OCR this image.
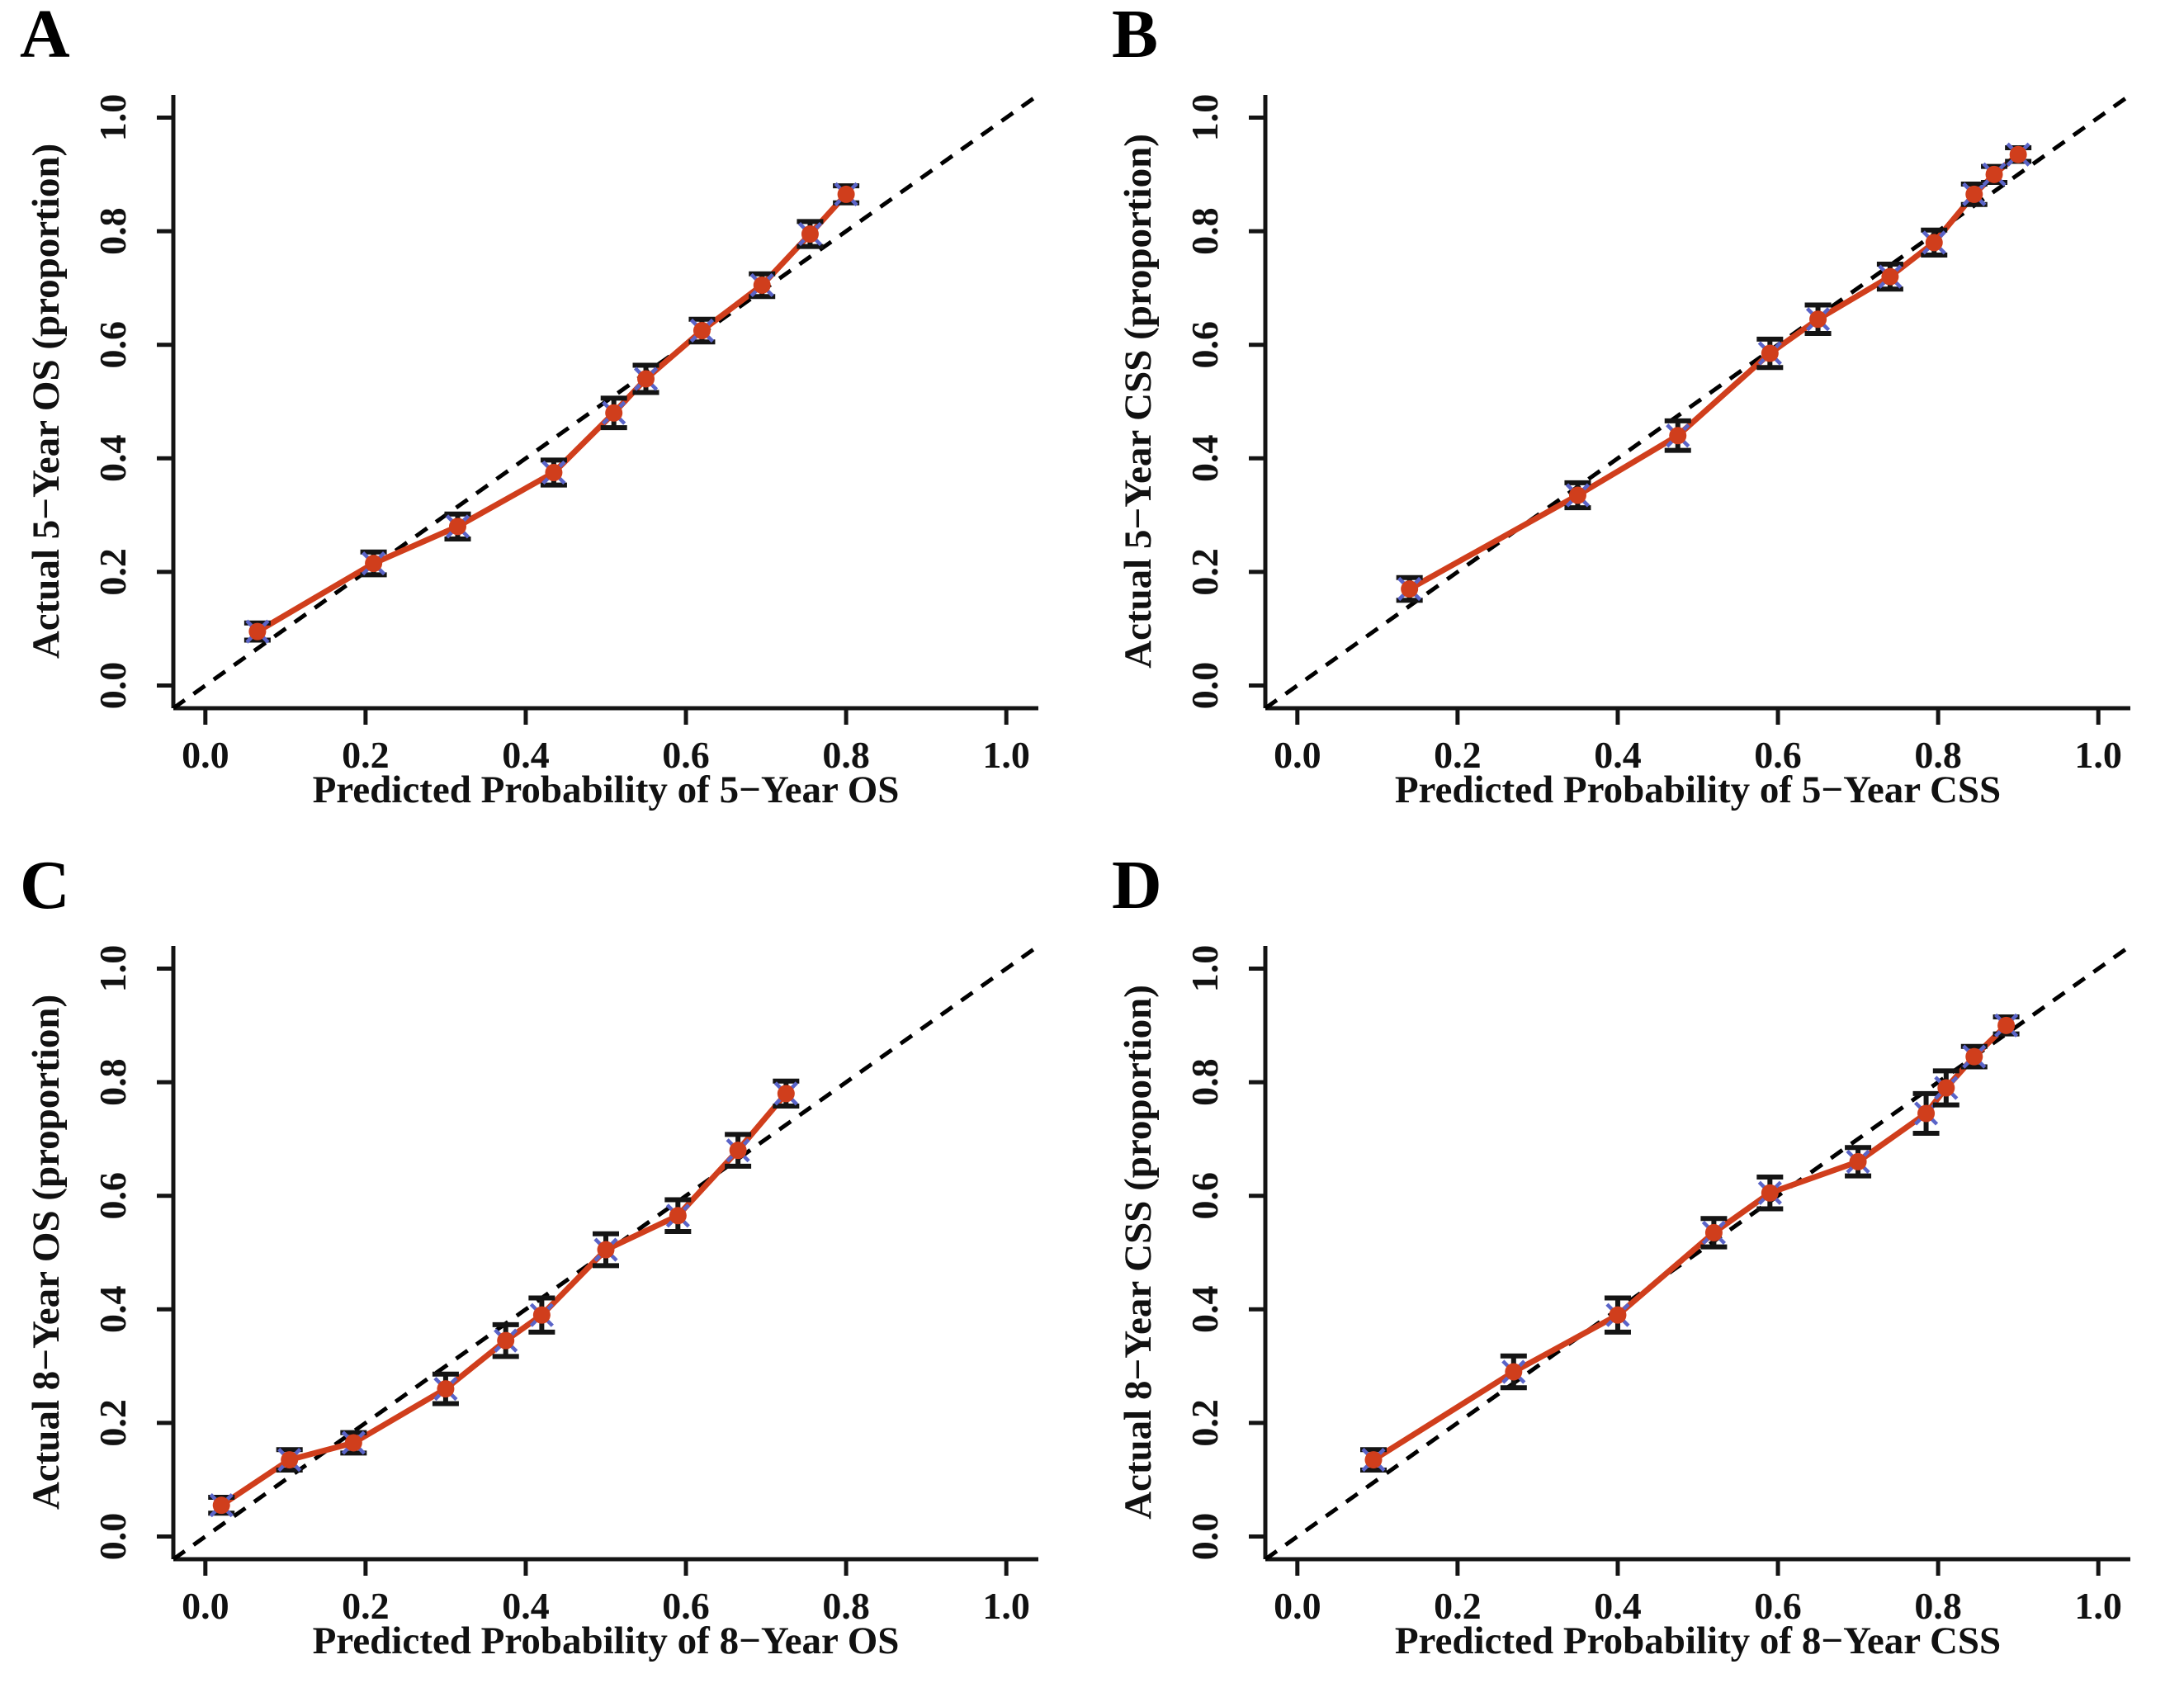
0.0
0.0
0.2
0.2
0.4
0.4
0.6
0.6
0.8
0.8
1.0
1.0
A
Actual 5−Year OS (proportion)
Predicted Probability of 5−Year OS
0.0
0.0
0.2
0.2
0.4
0.4
0.6
0.6
0.8
0.8
1.0
1.0
B
Actual 5−Year CSS (proportion)
Predicted Probability of 5−Year CSS
0.0
0.0
0.2
0.2
0.4
0.4
0.6
0.6
0.8
0.8
1.0
1.0
C
Actual 8−Year OS (proportion)
Predicted Probability of 8−Year OS
0.0
0.0
0.2
0.2
0.4
0.4
0.6
0.6
0.8
0.8
1.0
1.0
D
Actual 8−Year CSS (proportion)
Predicted Probability of 8−Year CSS
